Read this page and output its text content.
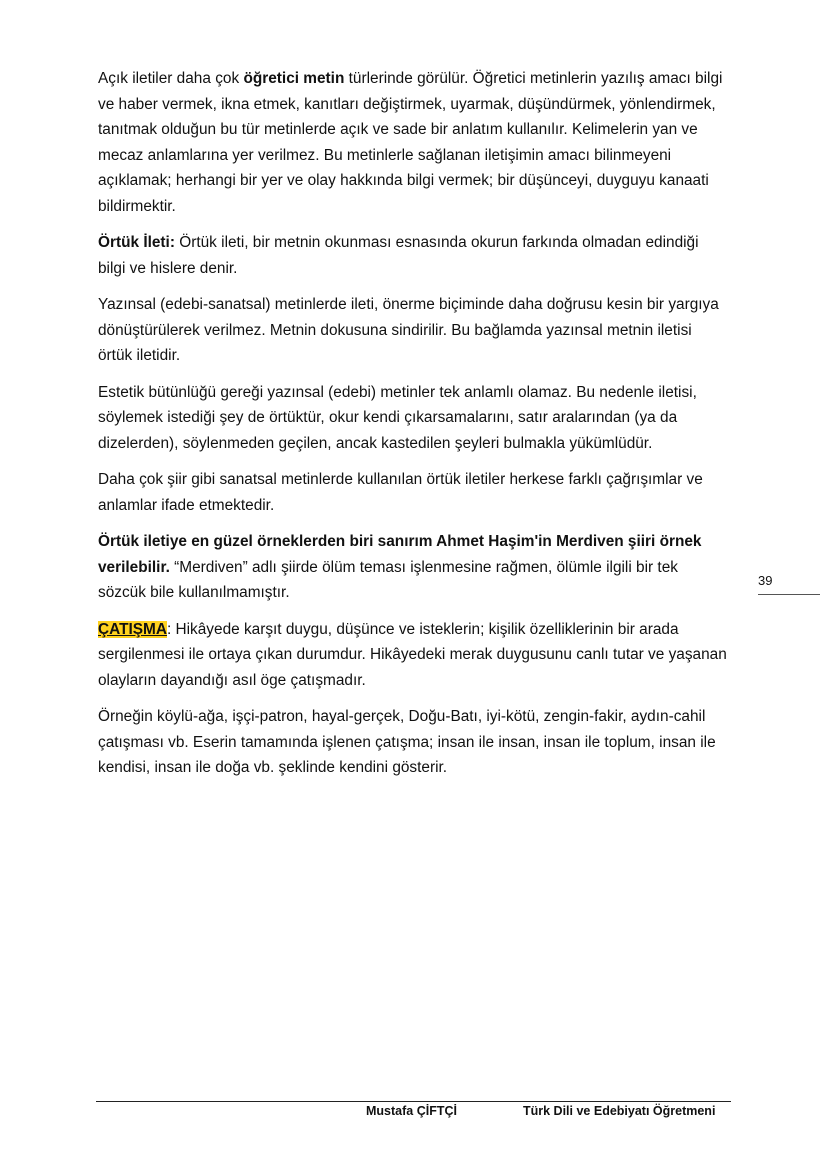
Açık iletiler daha çok öğretici metin türlerinde görülür. Öğretici metinlerin yazılış amacı bilgi ve haber vermek, ikna etmek, kanıtları değiştirmek, uyarmak, düşündürmek, yönlendirmek, tanıtmak olduğun bu tür metinlerde açık ve sade bir anlatım kullanılır. Kelimelerin yan ve mecaz anlamlarına yer verilmez. Bu metinlerle sağlanan iletişimin amacı bilinmeyeni açıklamak; herhangi bir yer ve olay hakkında bilgi vermek; bir düşünceyi, duyguyu kanaati bildirmektir.

Örtük İleti: Örtük ileti, bir metnin okunması esnasında okurun farkında olmadan edindiği bilgi ve hislere denir.

Yazınsal (edebi-sanatsal) metinlerde ileti, önerme biçiminde daha doğrusu kesin bir yargıya dönüştürülerek verilmez. Metnin dokusuna sindirilir. Bu bağlamda yazınsal metnin iletisi örtük iletidir.

Estetik bütünlüğü gereği yazınsal (edebi) metinler tek anlamlı olamaz. Bu nedenle iletisi, söylemek istediği şey de örtüktür, okur kendi çıkarsamalarını, satır aralarından (ya da dizelerden), söylenmeden geçilen, ancak kastedilen şeyleri bulmakla yükümlüdür.

Daha çok şiir gibi sanatsal metinlerde kullanılan örtük iletiler herkese farklı çağrışımlar ve anlamlar ifade etmektedir.

Örtük iletiye en güzel örneklerden biri sanırım Ahmet Haşim'in Merdiven şiiri örnek verilebilir. “Merdiven” adlı şiirde ölüm teması işlenmesine rağmen, ölümle ilgili bir tek sözcük bile kullanılmamıştır.

ÇATIŞMA: Hikâyede karşıt duygu, düşünce ve isteklerin; kişilik özelliklerinin bir arada sergilenmesi ile ortaya çıkan durumdur. Hikâyedeki merak duygusunu canlı tutar ve yaşanan olayların dayandığı asıl öge çatışmadır.

Örneğin köylü-ağa, işçi-patron, hayal-gerçek, Doğu-Batı, iyi-kötü, zengin-fakir, aydın-cahil çatışması vb. Eserin tamamında işlenen çatışma; insan ile insan, insan ile toplum, insan ile kendisi, insan ile doğa vb. şeklinde kendini gösterir.

39
Mustafa ÇİFTÇİ	Türk Dili ve Edebiyatı Öğretmeni
